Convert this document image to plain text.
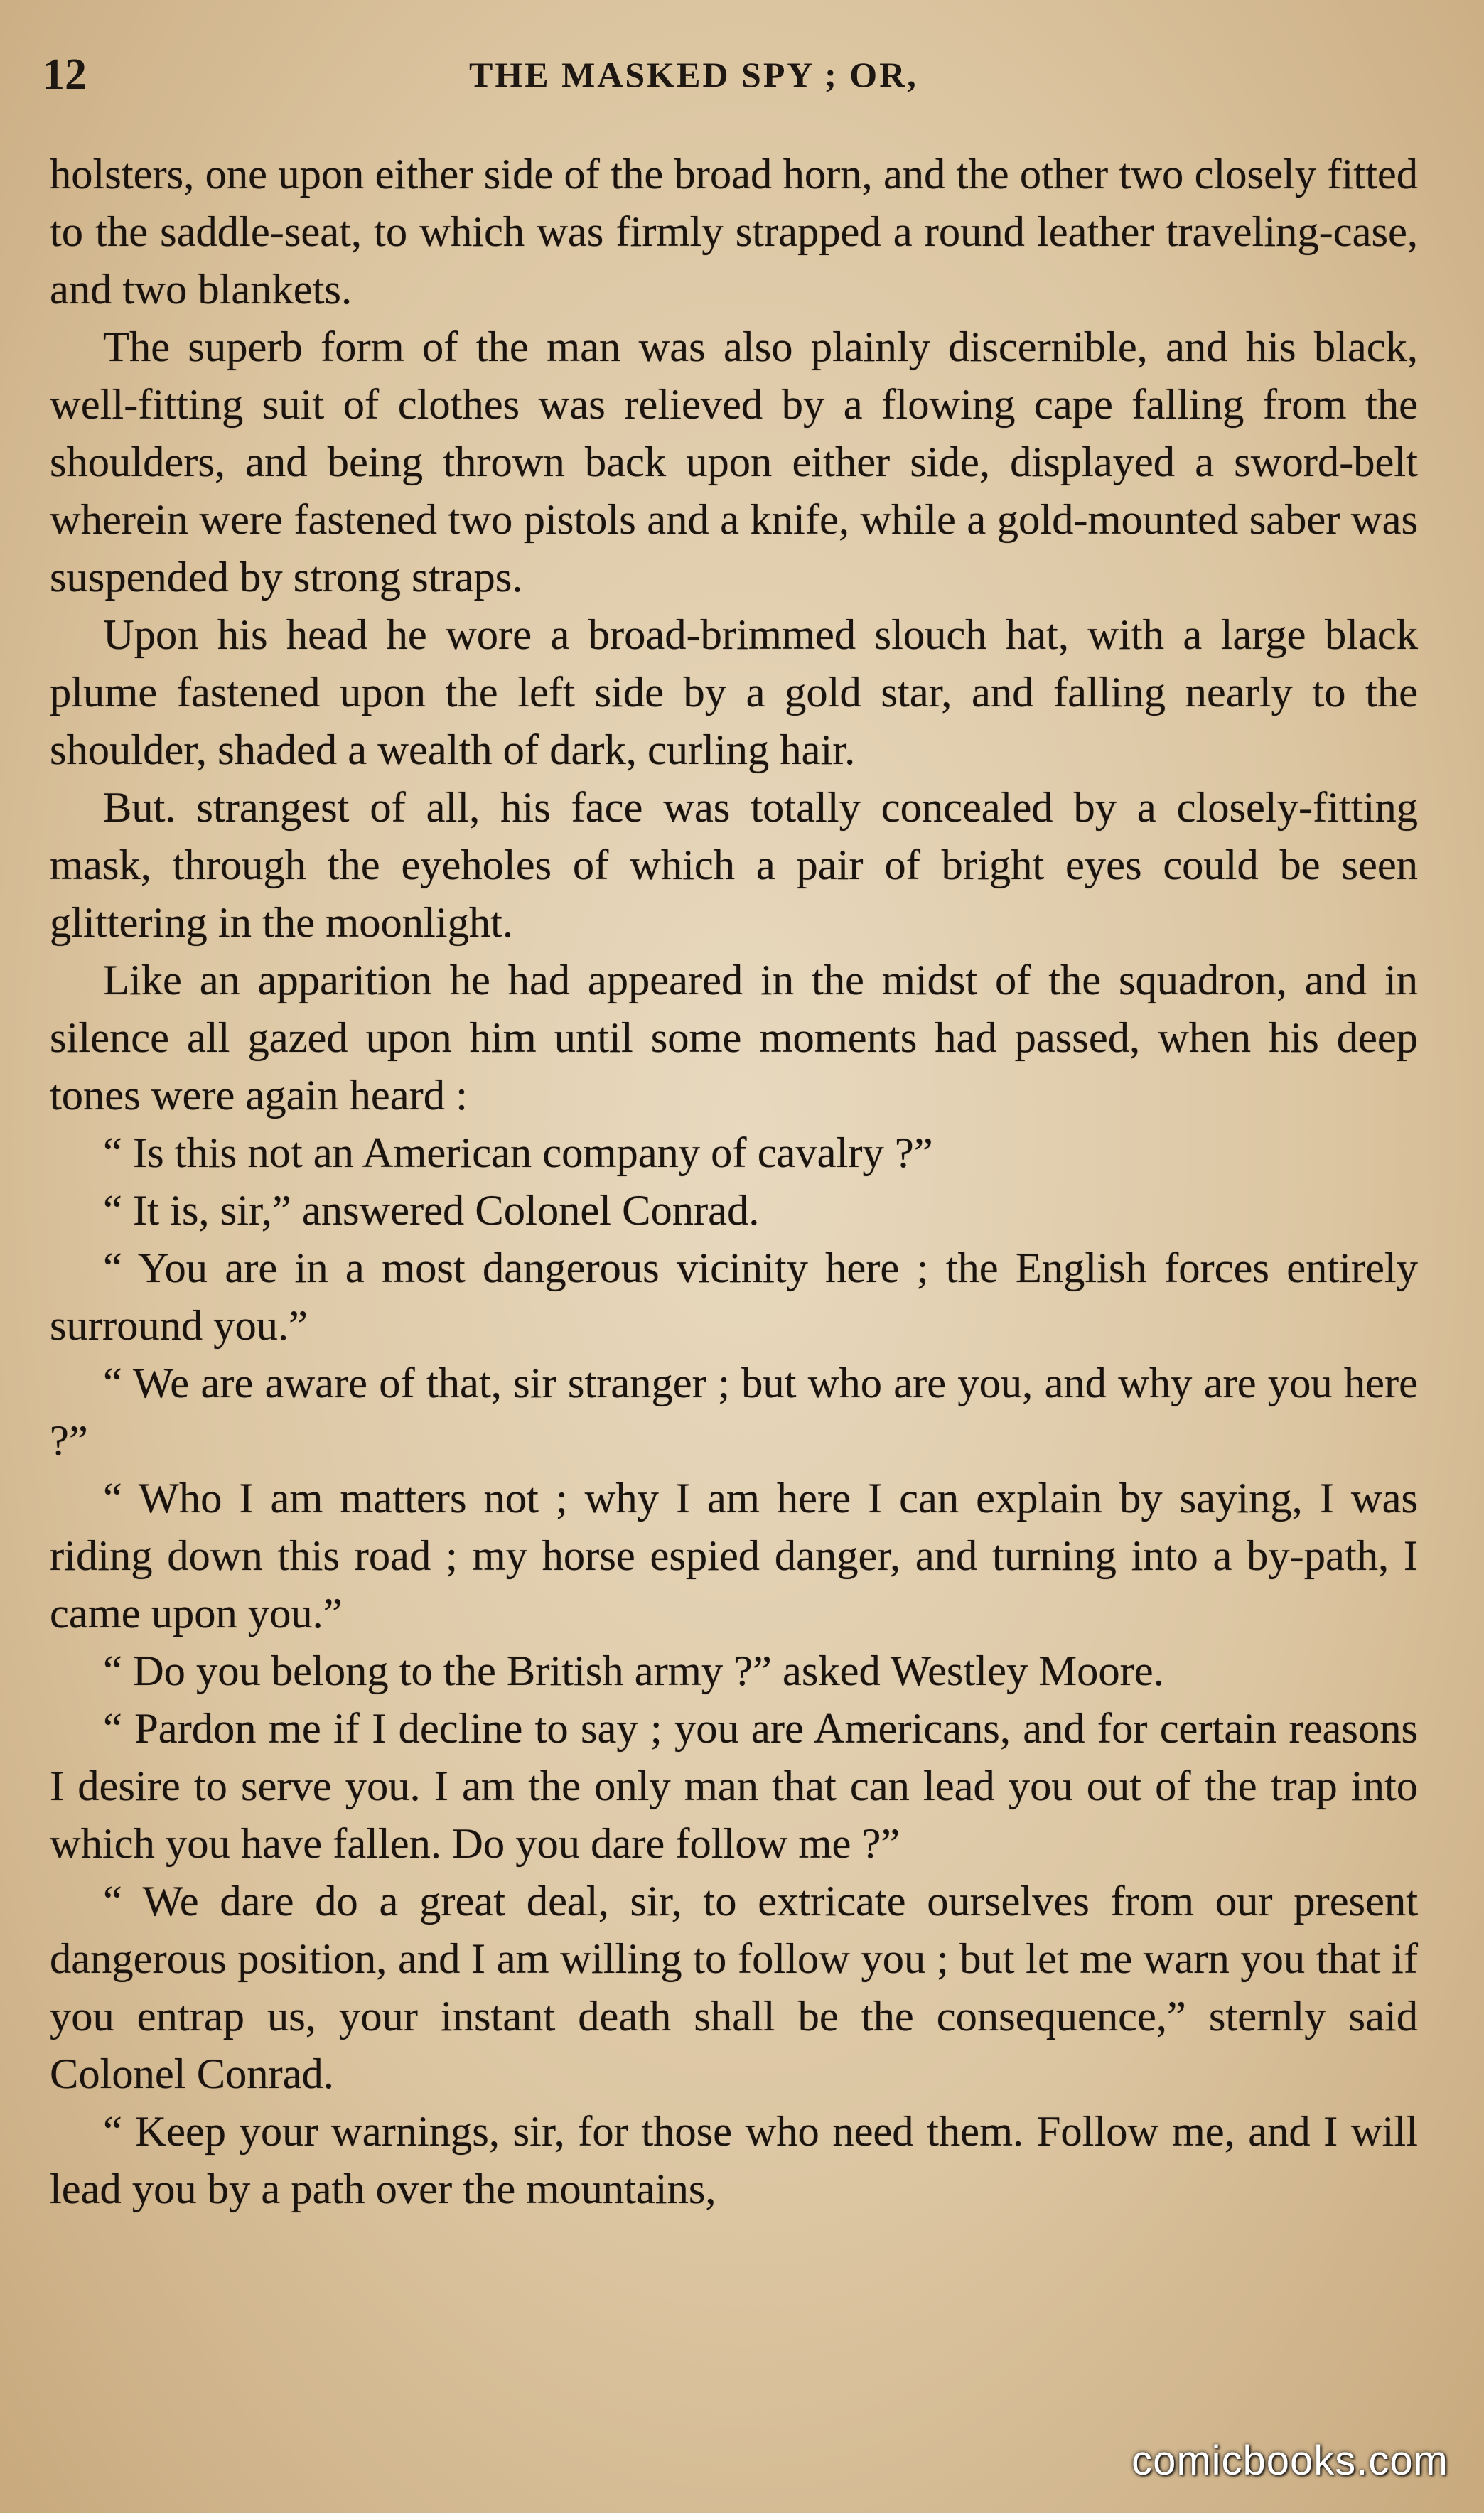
12	THE MASKED SPY ; OR,

holsters, one upon either side of the broad horn, and the other two closely fitted to the saddle-seat, to which was firmly strapped a round leather traveling-case, and two blankets.

The superb form of the man was also plainly discernible, and his black, well-fitting suit of clothes was relieved by a flowing cape falling from the shoulders, and being thrown back upon either side, displayed a sword-belt wherein were fastened two pistols and a knife, while a gold-mounted saber was suspended by strong straps.

Upon his head he wore a broad-brimmed slouch hat, with a large black plume fastened upon the left side by a gold star, and falling nearly to the shoulder, shaded a wealth of dark, curling hair.

But. strangest of all, his face was totally concealed by a closely-fitting mask, through the eyeholes of which a pair of bright eyes could be seen glittering in the moonlight.

Like an apparition he had appeared in the midst of the squadron, and in silence all gazed upon him until some moments had passed, when his deep tones were again heard :

“ Is this not an American company of cavalry ?”

“ It is, sir,” answered Colonel Conrad.

“ You are in a most dangerous vicinity here ; the English forces entirely surround you.”

“ We are aware of that, sir stranger ; but who are you, and why are you here ?”

“ Who I am matters not ; why I am here I can explain by saying, I was riding down this road ; my horse espied danger, and turning into a by-path, I came upon you.”

“ Do you belong to the British army ?” asked Westley Moore.

“ Pardon me if I decline to say ; you are Americans, and for certain reasons I desire to serve you. I am the only man that can lead you out of the trap into which you have fallen. Do you dare follow me ?”

“ We dare do a great deal, sir, to extricate ourselves from our present dangerous position, and I am willing to follow you ; but let me warn you that if you entrap us, your instant death shall be the consequence,” sternly said Colonel Conrad.

“ Keep your warnings, sir, for those who need them. Follow me, and I will lead you by a path over the mountains,

comicbooks.com
